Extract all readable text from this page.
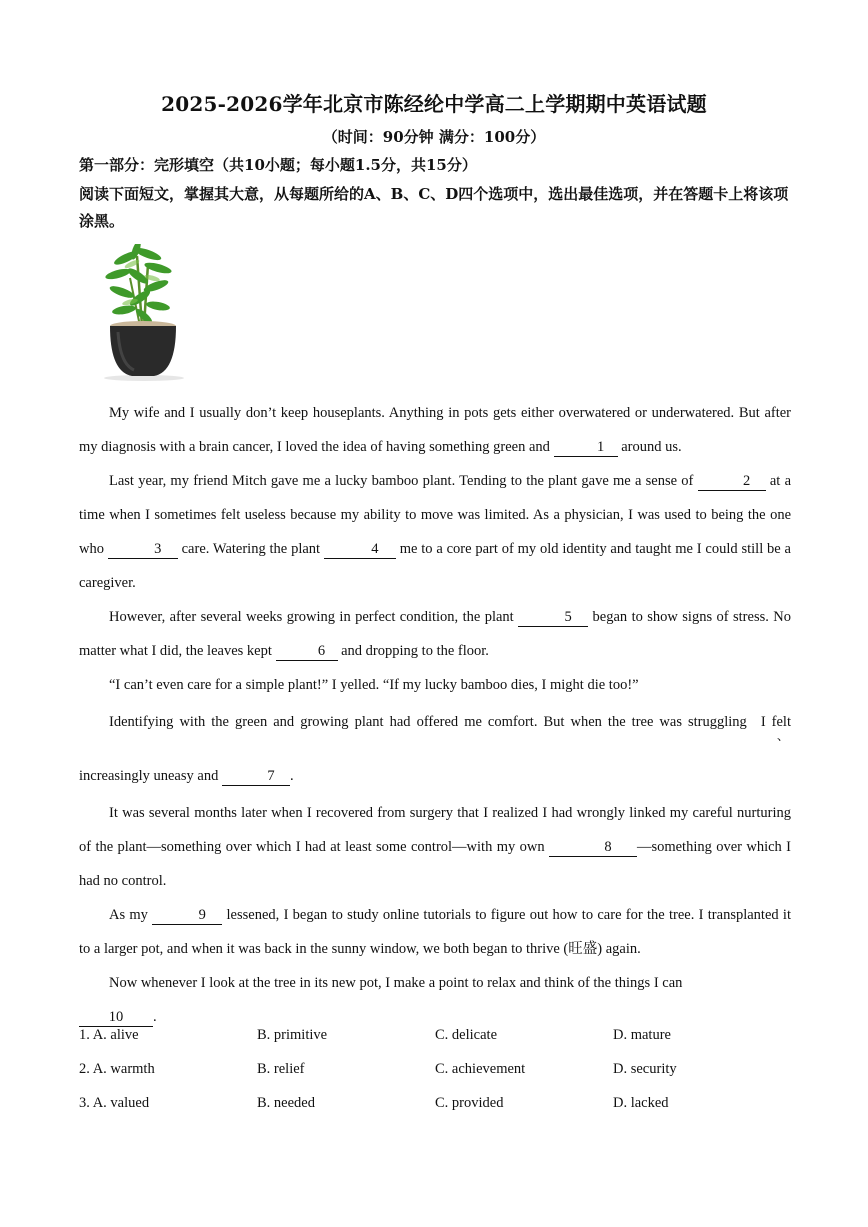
2025-2026学年北京市陈经纶中学高二上学期期中英语试题
（时间：90分钟 满分：100分）
第一部分：完形填空（共10小题；每小题1.5分，共15分）
阅读下面短文，掌握其大意，从每题所给的A、B、C、D四个选项中，选出最佳选项，并在答题卡上将该项涂黑。

My wife and I usually don’t keep houseplants. Anything in pots gets either overwatered or underwatered. But after my diagnosis with a brain cancer, I loved the idea of having something green and	1 around us.

Last year, my friend Mitch gave me a lucky bamboo plant. Tending to the plant gave me a sense of	2 at a time when I sometimes felt useless because my ability to move was limited. As a physician, I was used to being the one who	3 care. Watering the plant	4 me to a core part of my old identity and taught me I could still be a caregiver.

However, after several weeks growing in perfect condition, the plant	5 began to show signs of stress. No matter what I did, the leaves kept	6 and dropping to the floor.

“I can’t even care for a simple plant!” I yelled. “If my lucky bamboo dies, I might die too!”

Identifying with the green and growing plant had offered me comfort. But when the tree was struggling、I felt increasingly uneasy and	7 .

It was several months later when I recovered from surgery that I realized I had wrongly linked my careful nurturing of the plant—something over which I had at least some control—with my own	8 —something over which I had no control.

As my	9 lessened, I began to study online tutorials to figure out how to care for the tree. I transplanted it to a larger pot, and when it was back in the sunny window, we both began to thrive (旺盛) again.

Now whenever I look at the tree in its new pot, I make a point to relax and think of the things I can

10 .

1. A. alive	B. primitive	C. delicate	D. mature
2. A. warmth	B. relief	C. achievement	D. security
3. A. valued	B. needed	C. provided	D. lacked
